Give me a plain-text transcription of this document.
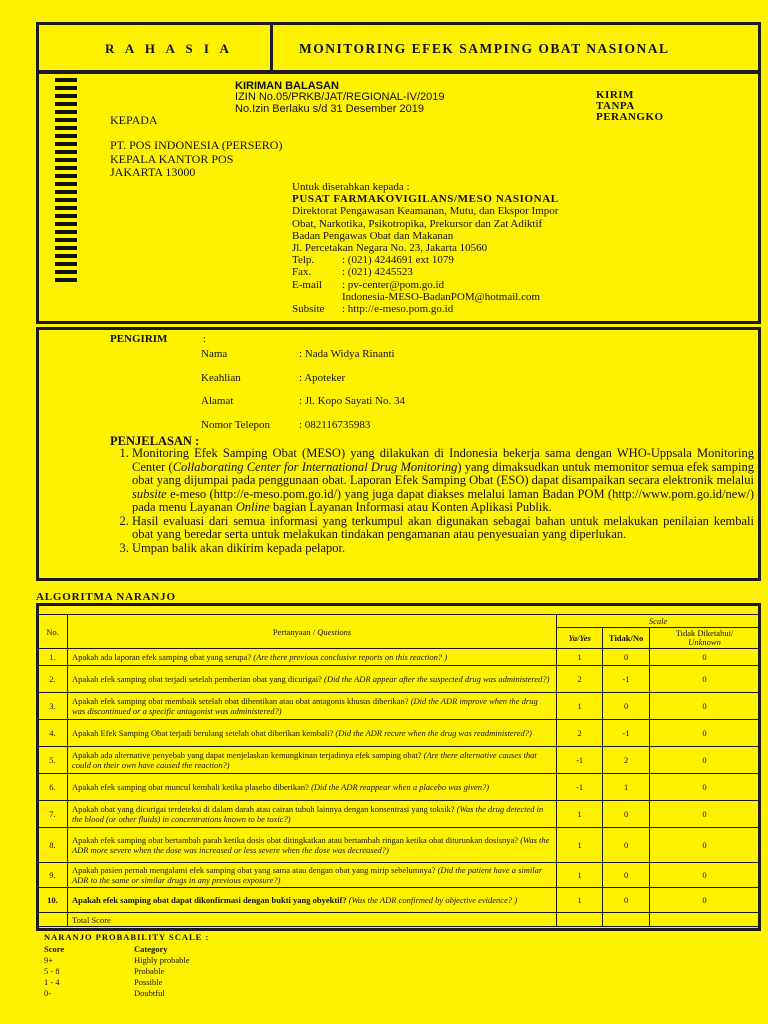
R A H A S I A	MONITORING EFEK SAMPING OBAT NASIONAL
KIRIMAN BALASAN
IZIN No.05/PRKB/JAT/REGIONAL-IV/2019
No.Izin Berlaku s/d 31 Desember 2019
KIRIM
TANPA
PERANGKO
KEPADA
PT. POS INDONESIA (PERSERO)
KEPALA KANTOR POS
JAKARTA 13000
Untuk diserahkan kepada :
PUSAT FARMAKOVIGILANS/MESO NASIONAL
Direktorat Pengawasan Keamanan, Mutu, dan Ekspor Impor
Obat, Narkotika, Psikotropika, Prekursor dan Zat Adiktif
Badan Pengawas Obat dan Makanan
Jl. Percetakan Negara No. 23, Jakarta 10560
Telp.	: (021) 4244691 ext 1079
Fax.	: (021) 4245523
E-mail	: pv-center@pom.go.id
Indonesia-MESO-BadanPOM@hotmail.com
Subsite	: http://e-meso.pom.go.id
PENGIRIM	:
Nama	: Nada Widya Rinanti
Keahlian	: Apoteker
Alamat	: Jl. Kopo Sayati No. 34
Nomor Telepon	: 082116735983
PENJELASAN :
1. Monitoring Efek Samping Obat (MESO) yang dilakukan di Indonesia bekerja sama dengan WHO-Uppsala Monitoring Center (Collaborating Center for International Drug Monitoring) yang dimaksudkan untuk memonitor semua efek samping obat yang dijumpai pada penggunaan obat. Laporan Efek Samping Obat (ESO) dapat disampaikan secara elektronik melalui subsite e-meso (http://e-meso.pom.go.id/) yang juga dapat diakses melalui laman Badan POM (http://www.pom.go.id/new/) pada menu Layanan Online bagian Layanan Informasi atau Konten Aplikasi Publik.
2. Hasil evaluasi dari semua informasi yang terkumpul akan digunakan sebagai bahan untuk melakukan penilaian kembali obat yang beredar serta untuk melakukan tindakan pengamanan atau penyesuaian yang diperlukan.
3. Umpan balik akan dikirim kepada pelapor.
ALGORITMA NARANJO
No.	Pertanyaan / Questions	Scale		
		Ya/Yes	Tidak/No	Tidak Diketahui/
Unknown
1.	Apakah ada laporan efek samping obat yang serupa? (Are there previous conclusive reports on this reaction? )	1	0	0
2.	Apakah efek samping obat terjadi setelah pemberian obat yang dicurigai? (Did the ADR appear after the suspected drug was administered?)	2	-1	0
3.	Apakah efek samping obat membaik setelah obat dihentikan atau obat antagonis khusus diberikan? (Did the ADR improve when the drug was discontinued or a specific antagonist was administered?)	1	0	0
4.	Apakah Efek Samping Obat terjadi berulang setelah obat diberikan kembali? (Did the ADR recure when the drug was readministered?)	2	-1	0
5.	Apakah ada alternative penyebab yang dapat menjelaskan kemungkinan terjadinya efek samping obat? (Are there alternative causes that could on their own have caused the reaction?)	-1	2	0
6.	Apakah efek samping obat muncul kembali ketika plasebo diberikan? (Did the ADR reappear when a placebo was given?)	-1	1	0
7.	Apakah obat yang dicurigai terdeteksi di dalam darah atau cairan tubuh lainnya dengan konsentrasi yang toksik? (Was the drug detected in the blood (or other fluids) in concentrations known to be toxic?)	1	0	0
8.	Apakah efek samping obat bertambah parah ketika dosis obat ditingkatkan atau bertambah ringan ketika obat diturunkan dosisnya? (Was the ADR more severe when the dose was increased or less severe when the dose was decreased?)	1	0	0
9.	Apakah pasien pernah mengalami efek samping obat yang sama atau dengan obat yang mirip sebelumnya? (Did the patient have a similar ADR to the same or similar drugs in any previous exposure?)	1	0	0
10.	Apakah efek samping obat dapat dikonfirmasi dengan bukti yang obyektif? (Was the ADR confirmed by objective evidence? )	1	0	0
	Total Score			
NARANJO PROBABILITY SCALE :
Score	Category
9+	Highly probable
5 - 8	Probable
1 - 4	Possible
0-	Doubtful
